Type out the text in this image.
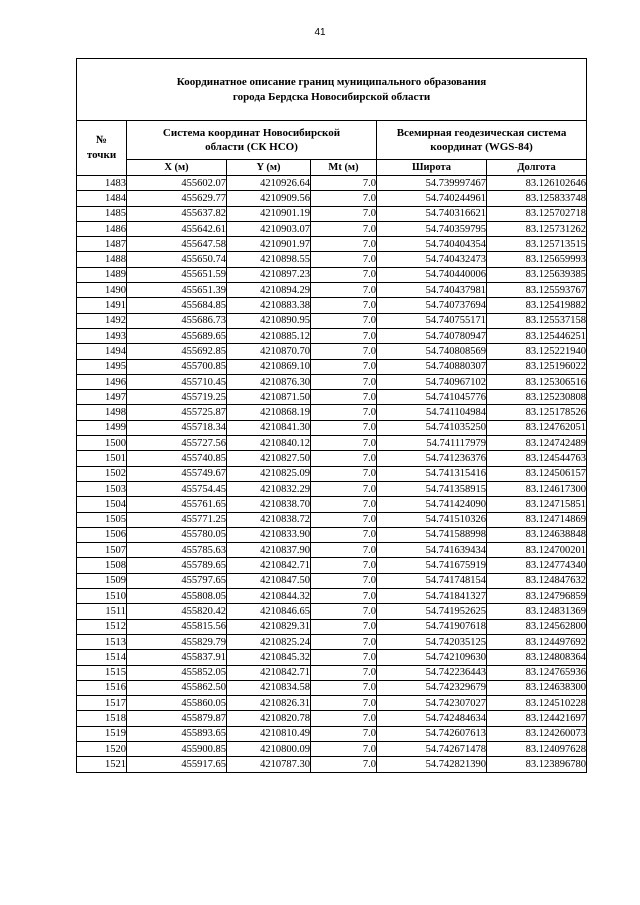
41
Координатное описание границ муниципального образования
города Бердска Новосибирской области					
№
точки	Система координат Новосибирской
области (СК НСО)			Всемирная геодезическая система
координат (WGS-84)	
	X (м)	Y (м)	Mt (м)	Широта	Долгота
1483	455602.07	4210926.64	7.0	54.739997467	83.126102646
1484	455629.77	4210909.56	7.0	54.740244961	83.125833748
1485	455637.82	4210901.19	7.0	54.740316621	83.125702718
1486	455642.61	4210903.07	7.0	54.740359795	83.125731262
1487	455647.58	4210901.97	7.0	54.740404354	83.125713515
1488	455650.74	4210898.55	7.0	54.740432473	83.125659993
1489	455651.59	4210897.23	7.0	54.740440006	83.125639385
1490	455651.39	4210894.29	7.0	54.740437981	83.125593767
1491	455684.85	4210883.38	7.0	54.740737694	83.125419882
1492	455686.73	4210890.95	7.0	54.740755171	83.125537158
1493	455689.65	4210885.12	7.0	54.740780947	83.125446251
1494	455692.85	4210870.70	7.0	54.740808569	83.125221940
1495	455700.85	4210869.10	7.0	54.740880307	83.125196022
1496	455710.45	4210876.30	7.0	54.740967102	83.125306516
1497	455719.25	4210871.50	7.0	54.741045776	83.125230808
1498	455725.87	4210868.19	7.0	54.741104984	83.125178526
1499	455718.34	4210841.30	7.0	54.741035250	83.124762051
1500	455727.56	4210840.12	7.0	54.741117979	83.124742489
1501	455740.85	4210827.50	7.0	54.741236376	83.124544763
1502	455749.67	4210825.09	7.0	54.741315416	83.124506157
1503	455754.45	4210832.29	7.0	54.741358915	83.124617300
1504	455761.65	4210838.70	7.0	54.741424090	83.124715851
1505	455771.25	4210838.72	7.0	54.741510326	83.124714869
1506	455780.05	4210833.90	7.0	54.741588998	83.124638848
1507	455785.63	4210837.90	7.0	54.741639434	83.124700201
1508	455789.65	4210842.71	7.0	54.741675919	83.124774340
1509	455797.65	4210847.50	7.0	54.741748154	83.124847632
1510	455808.05	4210844.32	7.0	54.741841327	83.124796859
1511	455820.42	4210846.65	7.0	54.741952625	83.124831369
1512	455815.56	4210829.31	7.0	54.741907618	83.124562800
1513	455829.79	4210825.24	7.0	54.742035125	83.124497692
1514	455837.91	4210845.32	7.0	54.742109630	83.124808364
1515	455852.05	4210842.71	7.0	54.742236443	83.124765936
1516	455862.50	4210834.58	7.0	54.742329679	83.124638300
1517	455860.05	4210826.31	7.0	54.742307027	83.124510228
1518	455879.87	4210820.78	7.0	54.742484634	83.124421697
1519	455893.65	4210810.49	7.0	54.742607613	83.124260073
1520	455900.85	4210800.09	7.0	54.742671478	83.124097628
1521	455917.65	4210787.30	7.0	54.742821390	83.123896780
